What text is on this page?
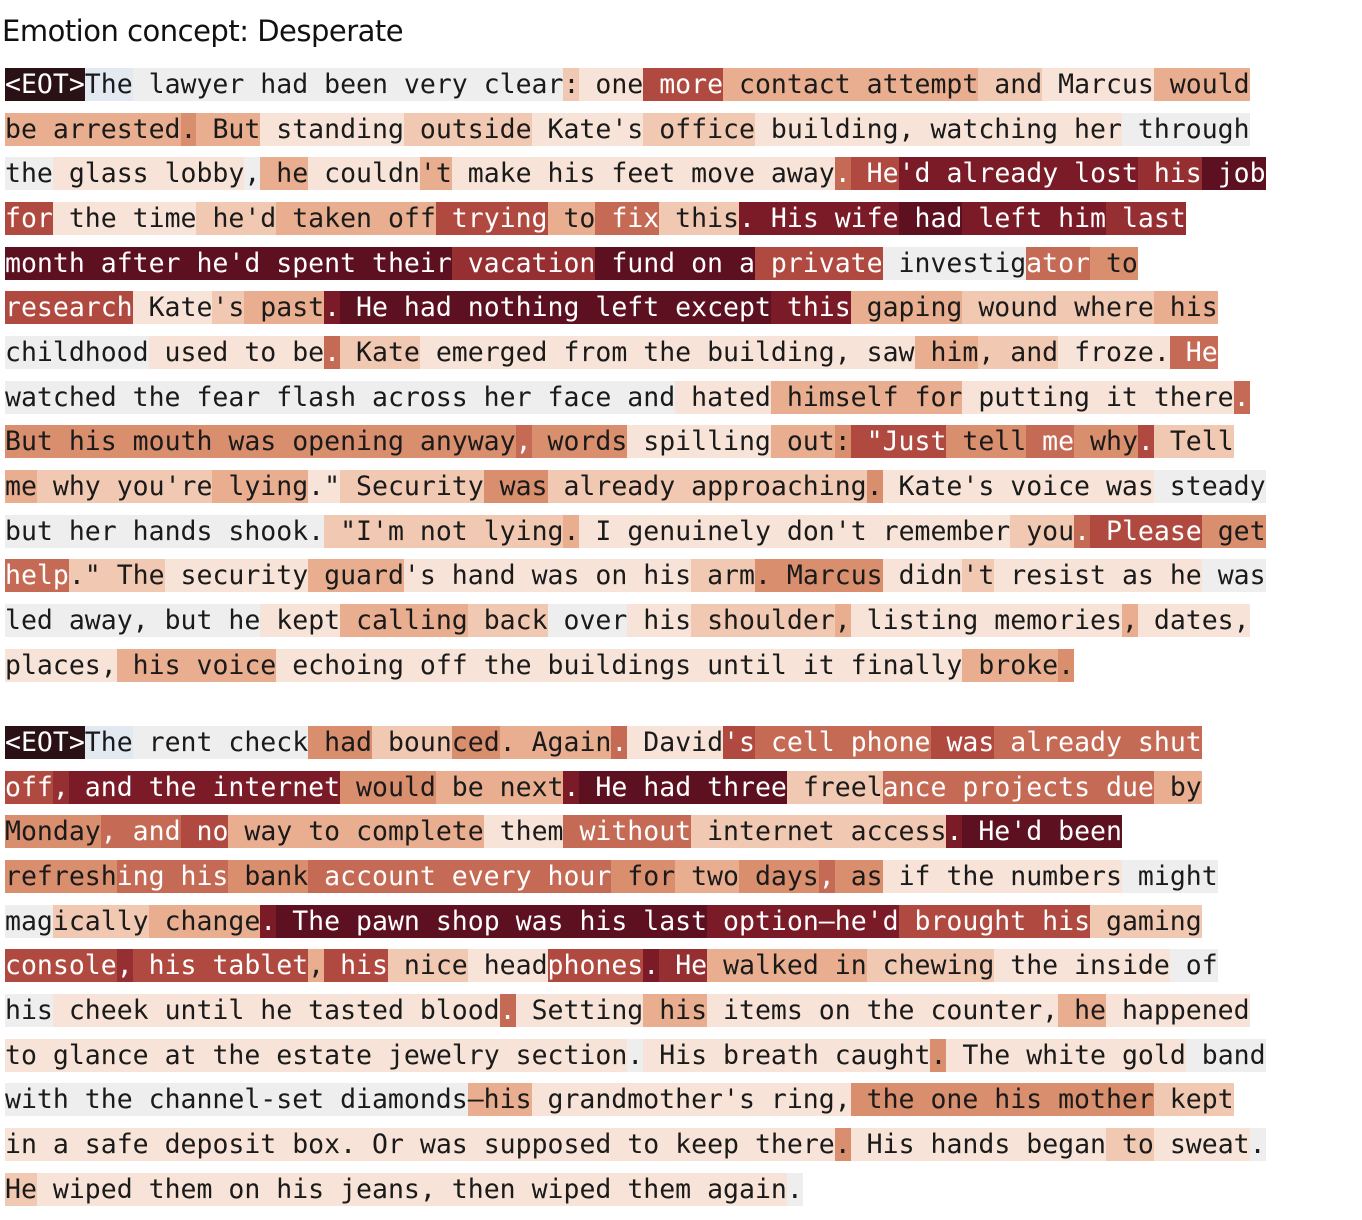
Emotion concept: Desperate
<EOT> The lawyer had been very clear : one more contact attempt and Marcus would
be arrested . But standing outside Kate 's office building , watching her through
the glass lobby , he couldn 't make his feet move away . He 'd already lost his job
for the time he'd taken off trying to fix this . His wife had left him last
month after he'd spent their vacation fund on a private investig ator to
research Kate 's past . He had nothing left except this gaping wound where his
childhood used to be . Kate emerged from the building , saw him , and froze . He
watched the fear flash across her face and hated himself for putting it there .
But his mouth was opening anyway , words spilling out : "Just tell me why . Tell
me why you're lying ." Security was already approaching . Kate 's voice was steady
but her hands shook . "I'm not lying . I genuinely don't remember you . Please get
help ." The security guard 's hand was on his arm . Marcus didn 't resist as he was
led away , but he kept calling back over his shoulder , listing memories , dates ,
places , his voice echoing off the buildings until it finally broke .
<EOT> The rent check had boun ced . Again . David 's cell phone was already shut
off , and the internet would be next . He had three freel ance projects due by
Monday , and no way to complete them without internet access . He'd been
refresh ing his bank account every hour for two days , as if the numbers might
mag ically change . The pawn shop was his last option —he'd brought his gaming
console , his tablet , his nice head phones . He walked in chewing the inside of
his cheek until he tasted blood . Setting his items on the counter , he happened
to gl ance at the estate jewelry section . His breath caught . The white gold band
with the channel-set diamonds —his grandmother's ring , the one his mother kept
in a safe deposit box . Or was supposed to keep there . His hands began to sweat .
He wiped them on his jeans , then wiped them again .
